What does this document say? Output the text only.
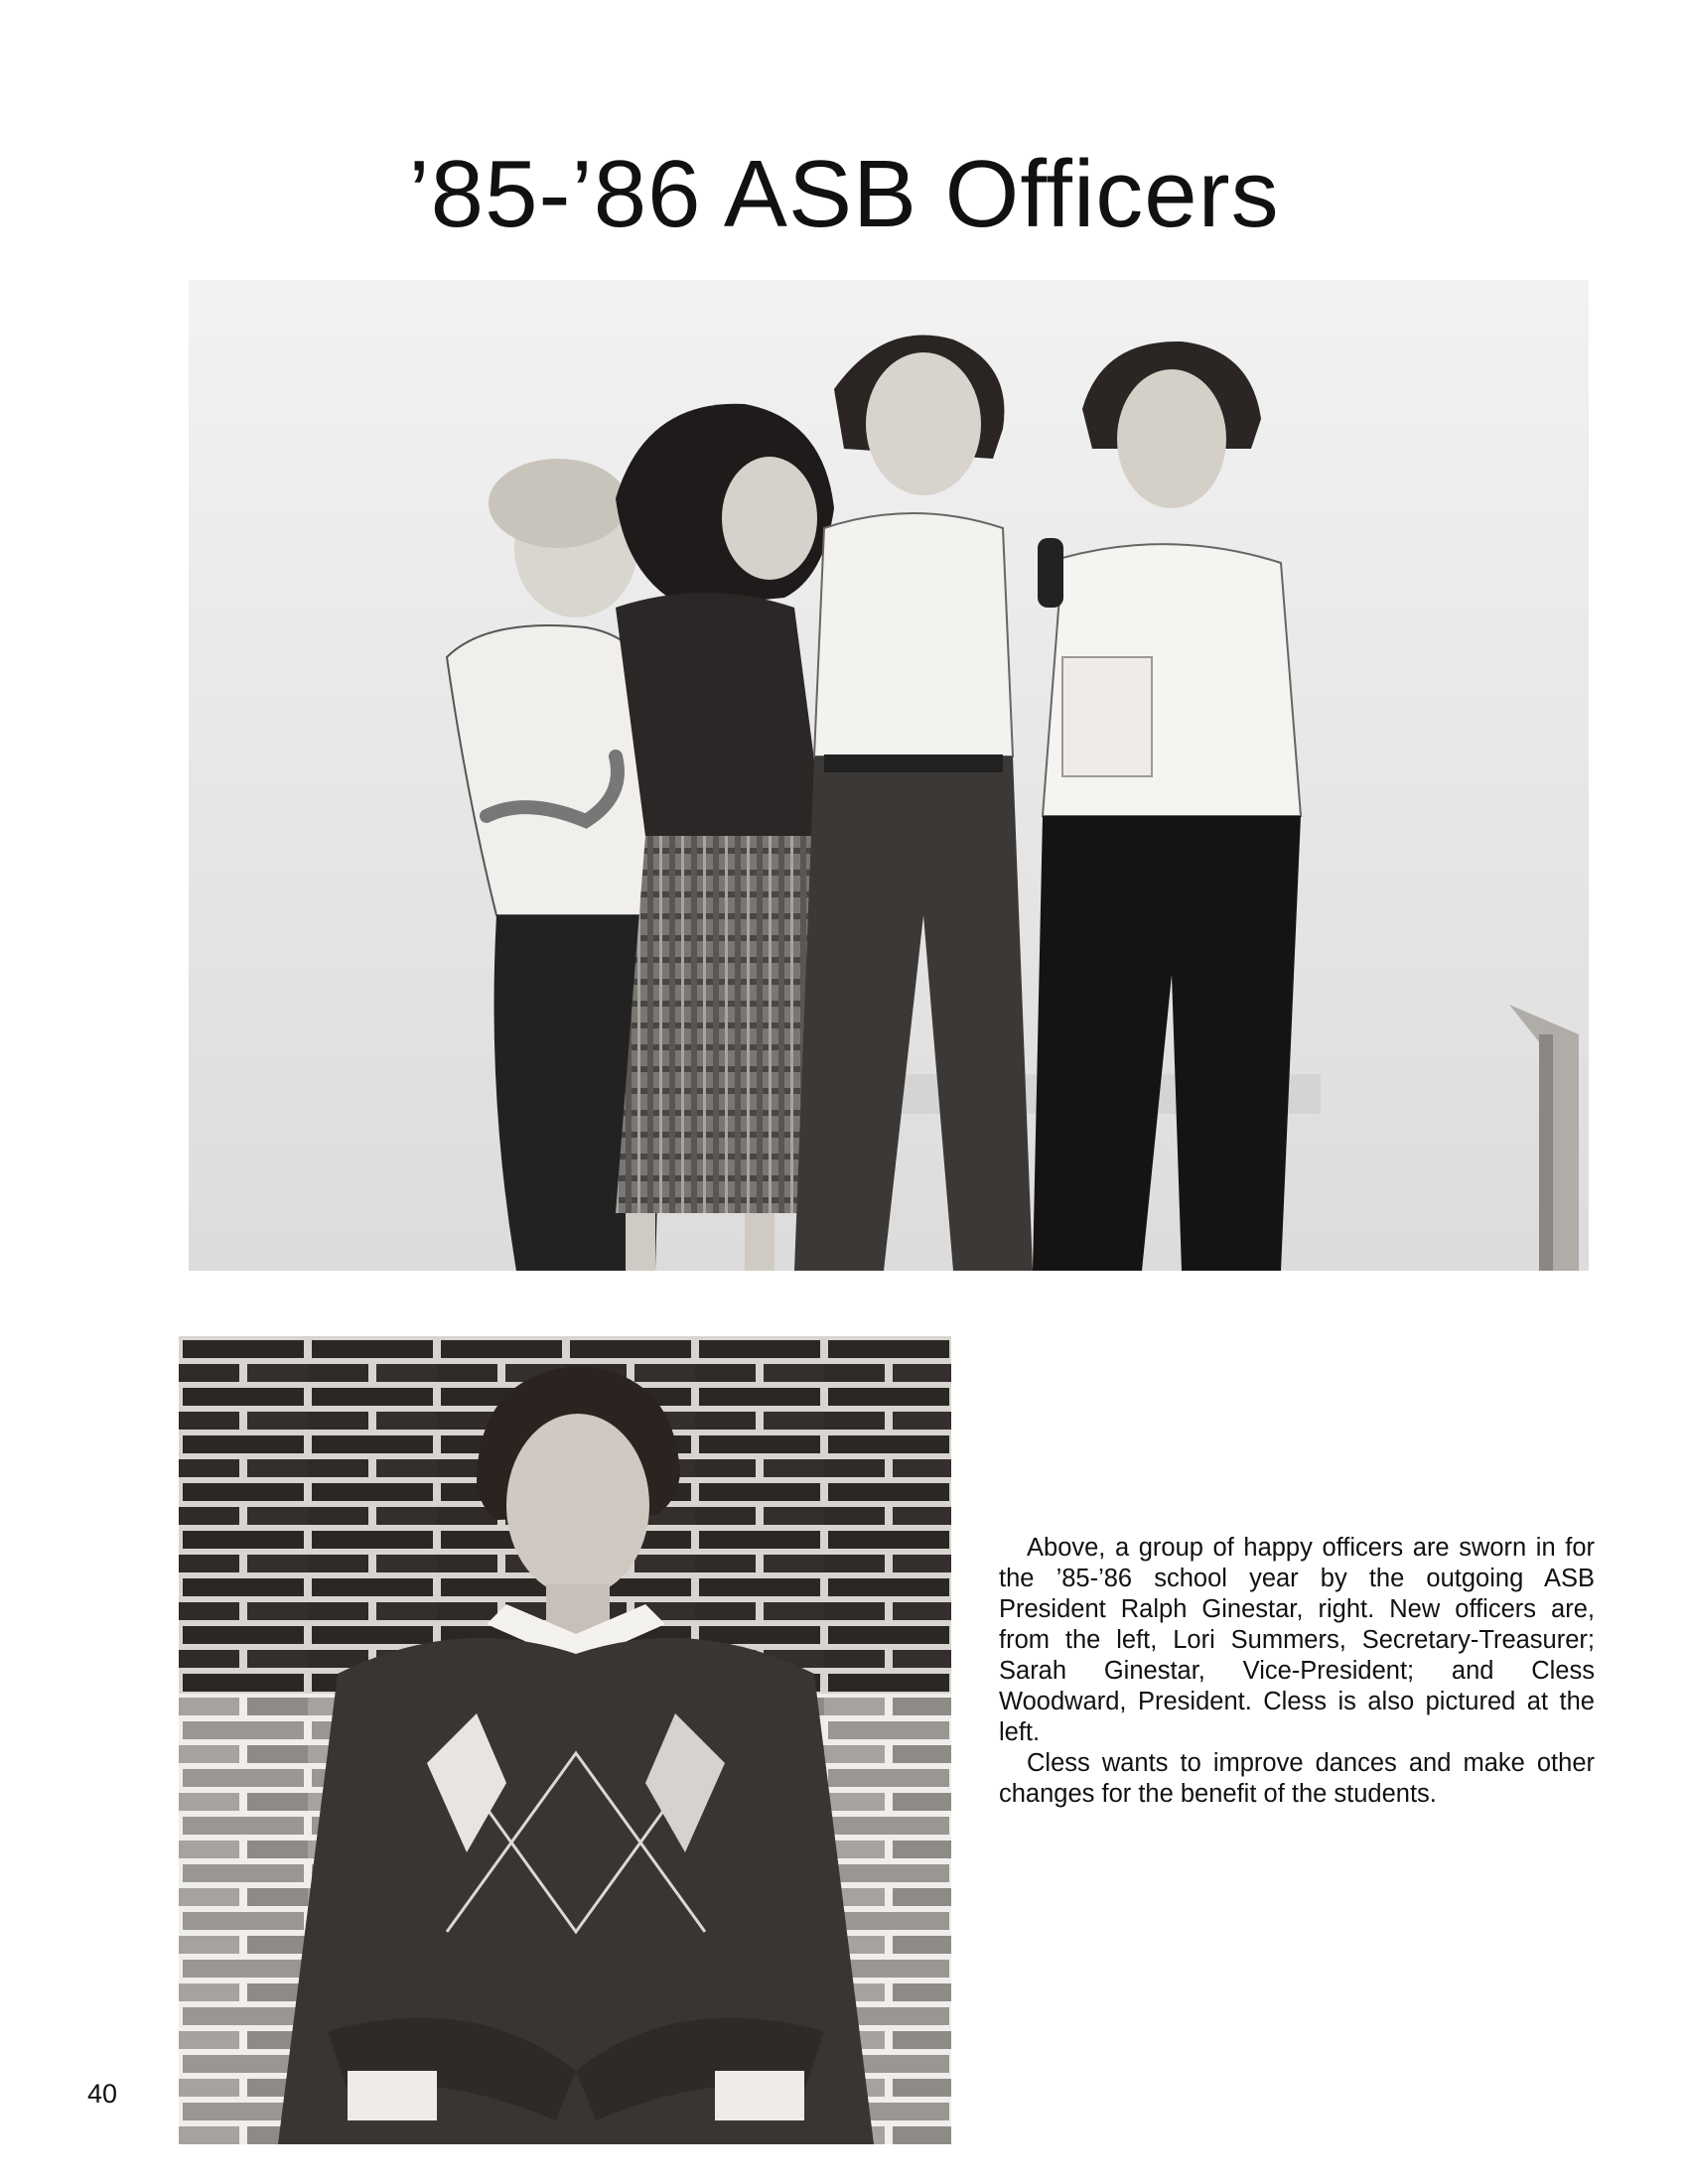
’85-’86 ASB Officers

Above, a group of happy officers are sworn in for the ’85-’86 school year by the outgoing ASB President Ralph Ginestar, right. New officers are, from the left, Lori Summers, Secretary-Treasurer; Sarah Ginestar, Vice-President; and Cless Woodward, President. Cless is also pictured at the left.

Cless wants to improve dances and make other changes for the benefit of the students.

40
